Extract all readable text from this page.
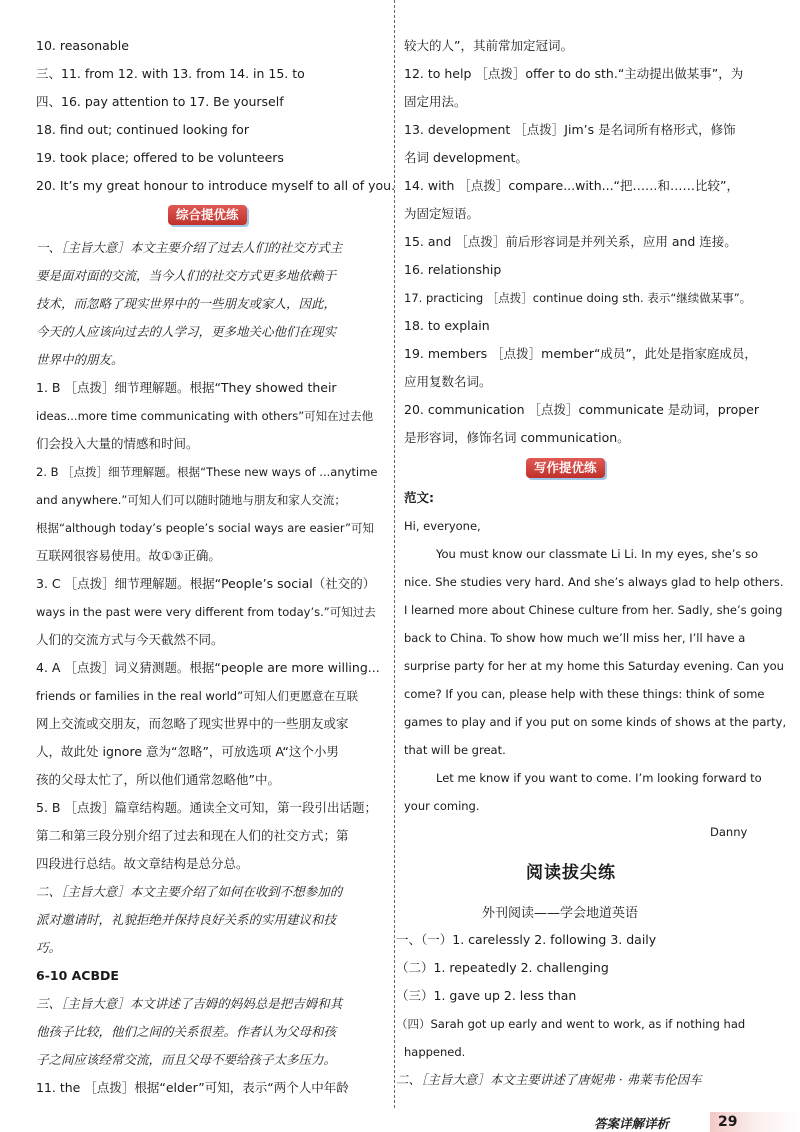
10. reasonable
三、11. from 12. with 13. from 14. in 15. to
四、16. pay attention to 17. Be yourself
18. find out; continued looking for
19. took place; offered to be volunteers
20. It’s my great honour to introduce myself to all of you.
综合提优练
一、［主旨大意］本文主要介绍了过去人们的社交方式主
要是面对面的交流，当今人们的社交方式更多地依赖于
技术，而忽略了现实世界中的一些朋友或家人，因此，
今天的人应该向过去的人学习，更多地关心他们在现实
世界中的朋友。
1. B ［点拨］细节理解题。根据“They showed their
ideas...more time communicating with others”可知在过去他
们会投入大量的情感和时间。
2. B ［点拨］细节理解题。根据“These new ways of ...anytime
and anywhere.”可知人们可以随时随地与朋友和家人交流；
根据“although today’s people’s social ways are easier”可知
互联网很容易使用。故①③正确。
3. C ［点拨］细节理解题。根据“People’s social（社交的）
ways in the past were very different from today’s.”可知过去
人们的交流方式与今天截然不同。
4. A ［点拨］词义猜测题。根据“people are more willing...
friends or families in the real world”可知人们更愿意在互联
网上交流或交朋友，而忽略了现实世界中的一些朋友或家
人，故此处 ignore 意为“忽略”，可放选项 A“这个小男
孩的父母太忙了，所以他们通常忽略他”中。
5. B ［点拨］篇章结构题。通读全文可知，第一段引出话题；
第二和第三段分别介绍了过去和现在人们的社交方式；第
四段进行总结。故文章结构是总分总。
二、［主旨大意］本文主要介绍了如何在收到不想参加的
派对邀请时，礼貌拒绝并保持良好关系的实用建议和技
巧。
6-10 ACBDE
三、［主旨大意］本文讲述了吉姆的妈妈总是把吉姆和其
他孩子比较，他们之间的关系很差。作者认为父母和孩
子之间应该经常交流，而且父母不要给孩子太多压力。
11. the ［点拨］根据“elder”可知，表示“两个人中年龄
较大的人”，其前常加定冠词。
12. to help ［点拨］offer to do sth.“主动提出做某事”，为
固定用法。
13. development ［点拨］Jim’s 是名词所有格形式，修饰
名词 development。
14. with ［点拨］compare...with...“把……和……比较”，
为固定短语。
15. and ［点拨］前后形容词是并列关系，应用 and 连接。
16. relationship
17. practicing ［点拨］continue doing sth. 表示“继续做某事”。
18. to explain
19. members ［点拨］member“成员”，此处是指家庭成员，
应用复数名词。
20. communication ［点拨］communicate 是动词，proper
是形容词，修饰名词 communication。
写作提优练
范文:
Hi, everyone,
You must know our classmate Li Li. In my eyes, she’s so
nice. She studies very hard. And she’s always glad to help others.
I learned more about Chinese culture from her. Sadly, she’s going
back to China. To show how much we’ll miss her, I’ll have a
surprise party for her at my home this Saturday evening. Can you
come? If you can, please help with these things: think of some
games to play and if you put on some kinds of shows at the party,
that will be great.
Let me know if you want to come. I’m looking forward to
your coming.
Danny
阅读拔尖练
外刊阅读——学会地道英语
一、（一）1. carelessly 2. following 3. daily
（二）1. repeatedly 2. challenging
（三）1. gave up 2. less than
（四）Sarah got up early and went to work, as if nothing had
happened.
二、［主旨大意］本文主要讲述了唐妮弗 · 弗莱韦伦因车
答案详解详析	29
